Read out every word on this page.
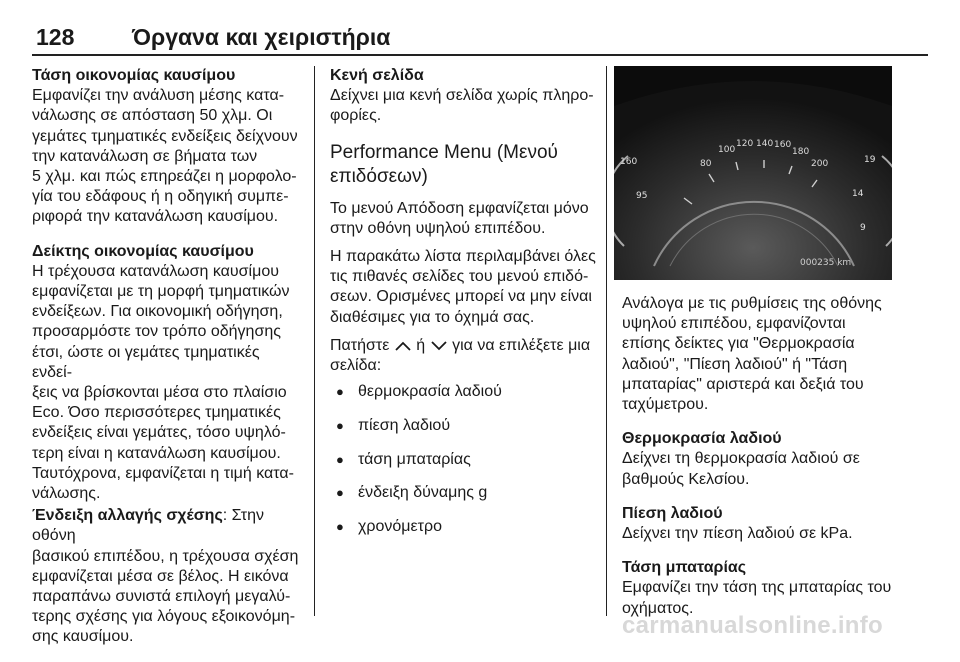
128	Όργανα και χειριστήρια

Τάση οικονομίας καυσίμου

Εμφανίζει την ανάλυση μέσης κατα-

νάλωσης σε απόσταση 50 χλμ. Οι

γεμάτες τμηματικές ενδείξεις δείχνουν

την κατανάλωση σε βήματα των

5 χλμ. και πώς επηρεάζει η μορφολο-

γία του εδάφους ή η οδηγική συμπε-

ριφορά την κατανάλωση καυσίμου.

Δείκτης οικονομίας καυσίμου

Η τρέχουσα κατανάλωση καυσίμου

εμφανίζεται με τη μορφή τμηματικών

ενδείξεων. Για οικονομική οδήγηση,

προσαρμόστε τον τρόπο οδήγησης

έτσι, ώστε οι γεμάτες τμηματικές ενδεί-

ξεις να βρίσκονται μέσα στο πλαίσιο

Eco. Όσο περισσότερες τμηματικές

ενδείξεις είναι γεμάτες, τόσο υψηλό-

τερη είναι η κατανάλωση καυσίμου.

Ταυτόχρονα, εμφανίζεται η τιμή κατα-

νάλωσης.

Ένδειξη αλλαγής σχέσης: Στην οθόνη

βασικού επιπέδου, η τρέχουσα σχέση

εμφανίζεται μέσα σε βέλος. Η εικόνα

παραπάνω συνιστά επιλογή μεγαλύ-

τερης σχέσης για λόγους εξοικονόμη-

σης καυσίμου.

Κενή σελίδα

Δείχνει μια κενή σελίδα χωρίς πληρο-

φορίες.

Performance Menu (Μενού

επιδόσεων)

Το μενού Απόδοση εμφανίζεται μόνο

στην οθόνη υψηλού επιπέδου.

Η παρακάτω λίστα περιλαμβάνει όλες

τις πιθανές σελίδες του μενού επιδό-

σεων. Ορισμένες μπορεί να μην είναι

διαθέσιμες για το όχημά σας.

Πατήστε ή για να επιλέξετε μια

σελίδα:

● θερμοκρασία λαδιού
● πίεση λαδιού
● τάση μπαταρίας
● ένδειξη δύναμης g
● χρονόμετρο
80
100
120 140 160
180
200
000235 km
160
95
19
14
9

Ανάλογα με τις ρυθμίσεις της οθόνης

υψηλού επιπέδου, εμφανίζονται

επίσης δείκτες για "Θερμοκρασία

λαδιού", "Πίεση λαδιού" ή "Τάση

μπαταρίας" αριστερά και δεξιά του

ταχύμετρου.

Θερμοκρασία λαδιού

Δείχνει τη θερμοκρασία λαδιού σε

βαθμούς Κελσίου.

Πίεση λαδιού

Δείχνει την πίεση λαδιού σε kPa.

Τάση μπαταρίας

Εμφανίζει την τάση της μπαταρίας του

οχήματος.

carmanualsonline.info
